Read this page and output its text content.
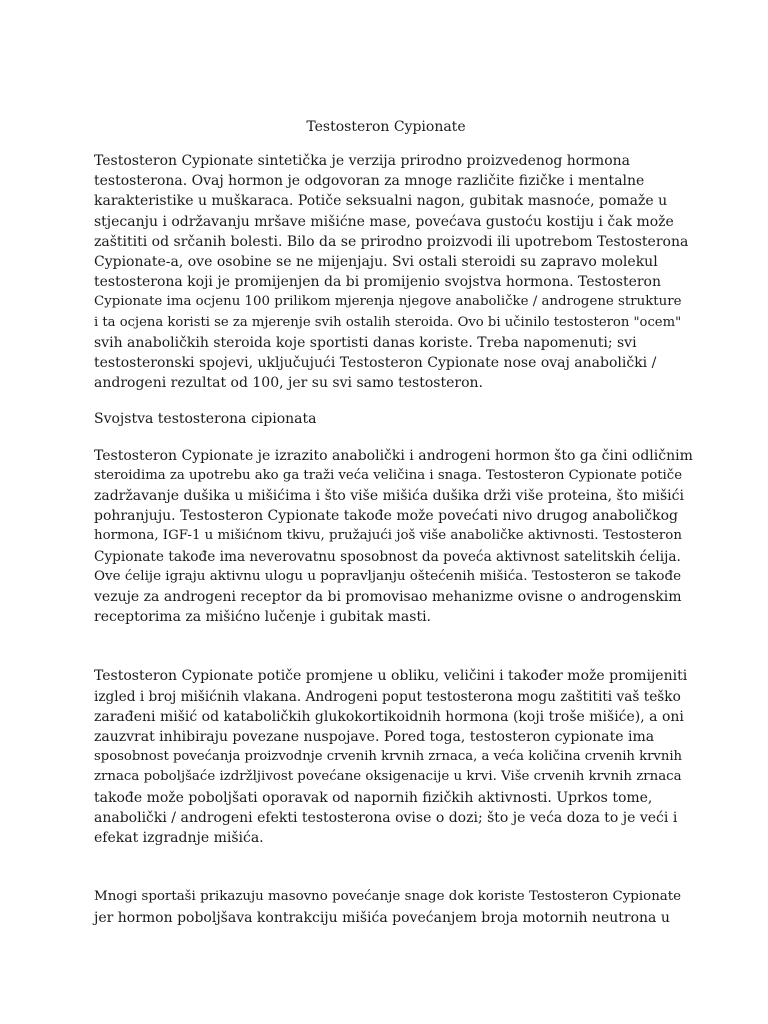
Testosteron Cypionate

Testosteron Cypionate sintetička je verzija prirodno proizvedenog hormona
testosterona. Ovaj hormon je odgovoran za mnoge različite fizičke i mentalne
karakteristike u muškaraca. Potiče seksualni nagon, gubitak masnoće, pomaže u
stjecanju i održavanju mršave mišićne mase, povećava gustoću kostiju i čak može
zaštititi od srčanih bolesti. Bilo da se prirodno proizvodi ili upotrebom Testosterona
Cypionate-a, ove osobine se ne mijenjaju. Svi ostali steroidi su zapravo molekul
testosterona koji je promijenjen da bi promijenio svojstva hormona. Testosteron
Cypionate ima ocjenu 100 prilikom mjerenja njegove anaboličke / androgene strukture
i ta ocjena koristi se za mjerenje svih ostalih steroida. Ovo bi učinilo testosteron "ocem"
svih anaboličkih steroida koje sportisti danas koriste. Treba napomenuti; svi
testosteronski spojevi, uključujući Testosteron Cypionate nose ovaj anabolički /
androgeni rezultat od 100, jer su svi samo testosteron.

Svojstva testosterona cipionata

Testosteron Cypionate je izrazito anabolički i androgeni hormon što ga čini odličnim
steroidima za upotrebu ako ga traži veća veličina i snaga. Testosteron Cypionate potiče
zadržavanje dušika u mišićima i što više mišića dušika drži više proteina, što mišići
pohranjuju. Testosteron Cypionate takođe može povećati nivo drugog anaboličkog
hormona, IGF-1 u mišićnom tkivu, pružajući još više anaboličke aktivnosti. Testosteron
Cypionate takođe ima neverovatnu sposobnost da poveća aktivnost satelitskih ćelija.
Ove ćelije igraju aktivnu ulogu u popravljanju oštećenih mišića. Testosteron se takođe
vezuje za androgeni receptor da bi promovisao mehanizme ovisne o androgenskim
receptorima za mišićno lučenje i gubitak masti.

Testosteron Cypionate potiče promjene u obliku, veličini i također može promijeniti
izgled i broj mišićnih vlakana. Androgeni poput testosterona mogu zaštititi vaš teško
zarađeni mišić od kataboličkih glukokortikoidnih hormona (koji troše mišiće), a oni
zauzvrat inhibiraju povezane nuspojave. Pored toga, testosteron cypionate ima
sposobnost povećanja proizvodnje crvenih krvnih zrnaca, a veća količina crvenih krvnih
zrnaca poboljšaće izdržljivost povećane oksigenacije u krvi. Više crvenih krvnih zrnaca
takođe može poboljšati oporavak od napornih fizičkih aktivnosti. Uprkos tome,
anabolički / androgeni efekti testosterona ovise o dozi; što je veća doza to je veći i
efekat izgradnje mišića.

Mnogi sportaši prikazuju masovno povećanje snage dok koriste Testosteron Cypionate
jer hormon poboljšava kontrakciju mišića povećanjem broja motornih neutrona u
